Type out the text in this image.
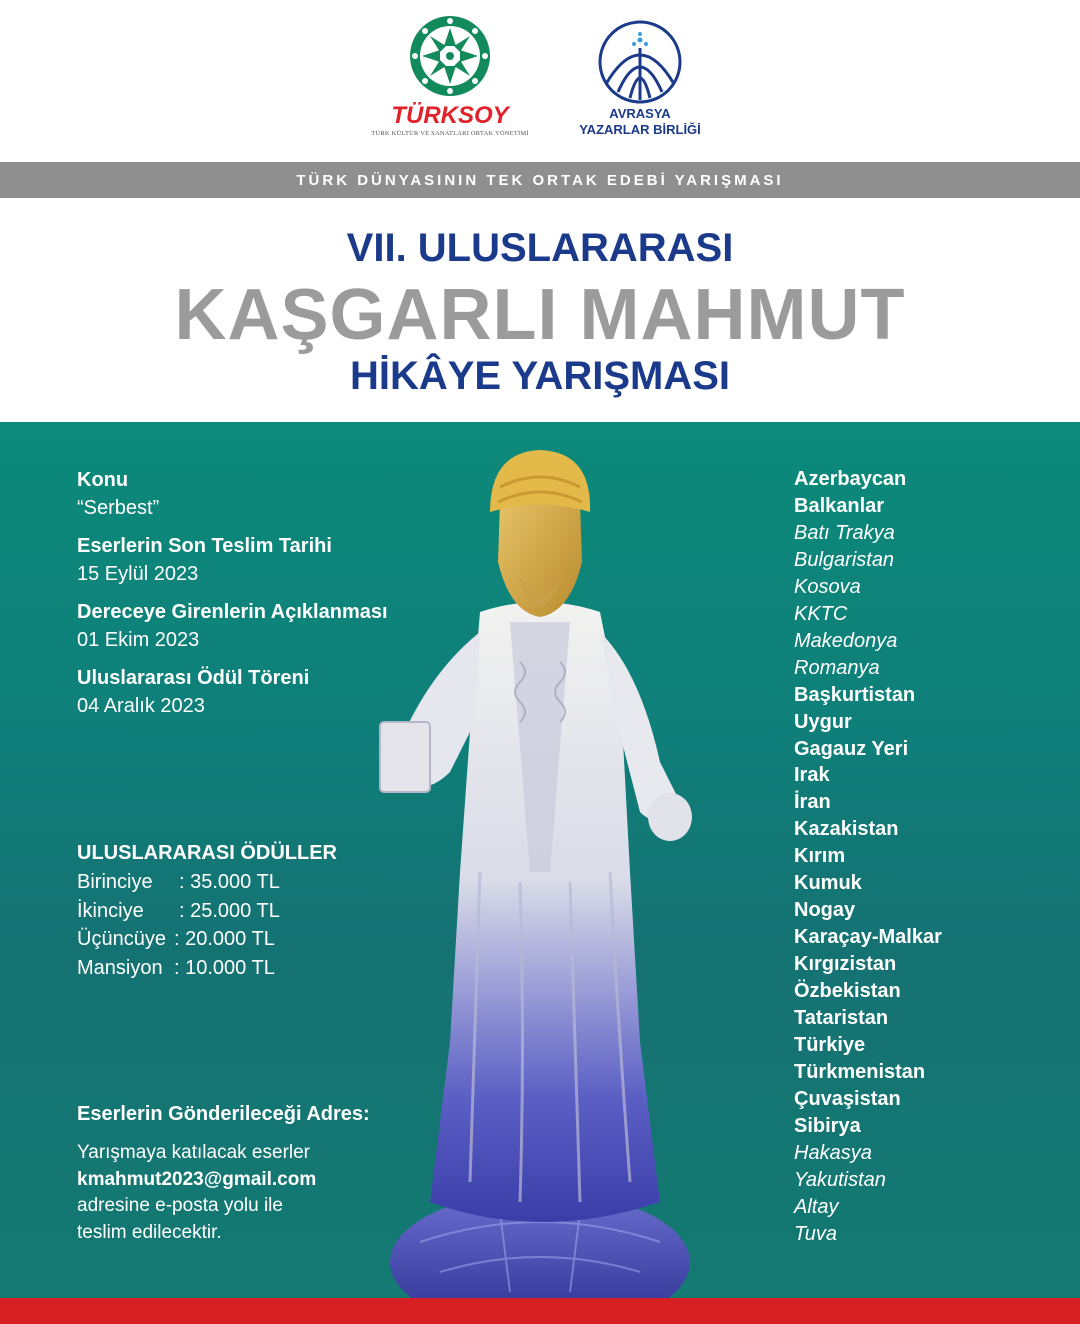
TÜRKSOY
TÜRK KÜLTÜR VE SANATLARI ORTAK YÖNETİMİ
AVRASYA
YAZARLAR BİRLİĞİ
TÜRK DÜNYASININ TEK ORTAK EDEBİ YARIŞMASI
VII. ULUSLARARASI
KAŞGARLI MAHMUT
HİKÂYE YARIŞMASI
Konu
“Serbest”
Eserlerin Son Teslim Tarihi
15 Eylül 2023
Dereceye Girenlerin Açıklanması
01 Ekim 2023
Uluslararası Ödül Töreni
04 Aralık 2023
ULUSLARARASI ÖDÜLLER
Birinciye	: 35.000 TL
İkinciye	: 25.000 TL
Üçüncüye : 20.000 TL
Mansiyon : 10.000 TL
Eserlerin Gönderileceği Adres:
Yarışmaya katılacak eserler
kmahmut2023@gmail.com
adresine e-posta yolu ile
teslim edilecektir.
Azerbaycan
Balkanlar
Batı Trakya
Bulgaristan
Kosova
KKTC
Makedonya
Romanya
Başkurtistan
Uygur
Gagauz Yeri
Irak
İran
Kazakistan
Kırım
Kumuk
Nogay
Karaçay-Malkar
Kırgızistan
Özbekistan
Tataristan
Türkiye
Türkmenistan
Çuvaşistan
Sibirya
Hakasya
Yakutistan
Altay
Tuva
